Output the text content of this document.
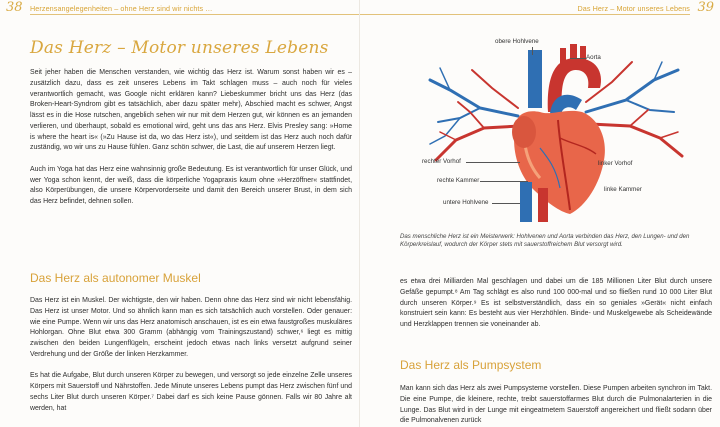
38 Herzensangelegenheiten – ohne Herz sind wir nichts …
Das Herz – Motor unseres Lebens

Seit jeher haben die Menschen verstanden, wie wichtig das Herz ist. Warum sonst haben wir es – zusätzlich dazu, dass es zeit unseres Lebens im Takt schlagen muss – auch noch für vieles verantwortlich gemacht, was Google nicht erklären kann? Liebeskummer bricht uns das Herz (das Broken-Heart-Syndrom gibt es tatsächlich, aber dazu später mehr), Abschied macht es schwer, Angst lässt es in die Hose rutschen, angeblich sehen wir nur mit dem Herzen gut, wir können es an jemanden verlieren, und überhaupt, sobald es emotional wird, geht uns das ans Herz. Elvis Presley sang: »Home is where the heart is« (»Zu Hause ist da, wo das Herz ist«), und seitdem ist das Herz auch noch dafür zuständig, wo wir uns zu Hause fühlen. Ganz schön schwer, die Last, die auf unserem Herzen liegt.

Auch im Yoga hat das Herz eine wahnsinnig große Bedeutung. Es ist verantwortlich für unser Glück, und wer Yoga schon kennt, der weiß, dass die körperliche Yogapraxis kaum ohne »Herzöffner« stattfindet, also Körperübungen, die unsere Körpervorderseite und damit den Bereich unserer Brust, in dem sich das Herz befindet, dehnen sollen.

Das Herz als autonomer Muskel

Das Herz ist ein Muskel. Der wichtigste, den wir haben. Denn ohne das Herz sind wir nicht lebensfähig. Das Herz ist unser Motor. Und so ähnlich kann man es sich tatsächlich auch vorstellen. Oder genauer: wie eine Pumpe. Wenn wir uns das Herz anatomisch anschauen, ist es ein etwa faustgroßes muskuläres Hohlorgan. Ohne Blut etwa 300 Gramm (abhängig vom Trainingszustand) schwer,⁶ liegt es mittig zwischen den beiden Lungenflügeln, erscheint jedoch etwas nach links versetzt aufgrund seiner Verdrehung und der Größe der linken Herzkammer.

Es hat die Aufgabe, Blut durch unseren Körper zu bewegen, und versorgt so jede einzelne Zelle unseres Körpers mit Sauerstoff und Nährstoffen. Jede Minute unseres Lebens pumpt das Herz zwischen fünf und sechs Liter Blut durch unseren Körper.⁷ Dabei darf es sich keine Pause gönnen. Falls wir 80 Jahre alt werden, hat

Das Herz – Motor unseres Lebens 39
obere Hohlvene
Aorta
rechter Vorhof	linker Vorhof
rechte Kammer
linke Kammer
untere Hohlvene
Das menschliche Herz ist ein Meisterwerk: Hohlvenen und Aorta verbinden das Herz, den Lungen- und den Körperkreislauf, wodurch der Körper stets mit sauerstoffreichem Blut versorgt wird.
es etwa drei Milliarden Mal geschlagen und dabei um die 185 Millionen Liter Blut durch unsere Gefäße gepumpt.⁸ Am Tag schlägt es also rund 100 000-mal und so fließen rund 10 000 Liter Blut durch unseren Körper.⁹ Es ist selbstverständlich, dass ein so geniales »Gerät« nicht einfach konstruiert sein kann: Es besteht aus vier Herzhöhlen. Binde- und Muskelgewebe als Scheidewände und Herzklappen trennen sie voneinander ab.
Das Herz als Pumpsystem
Man kann sich das Herz als zwei Pumpsysteme vorstellen. Diese Pumpen arbeiten synchron im Takt. Die eine Pumpe, die kleinere, rechte, treibt sauerstoffarmes Blut durch die Pulmonalarterien in die Lunge. Das Blut wird in der Lunge mit eingeatmetem Sauerstoff angereichert und fließt sodann über die Pulmonalvenen zurück
